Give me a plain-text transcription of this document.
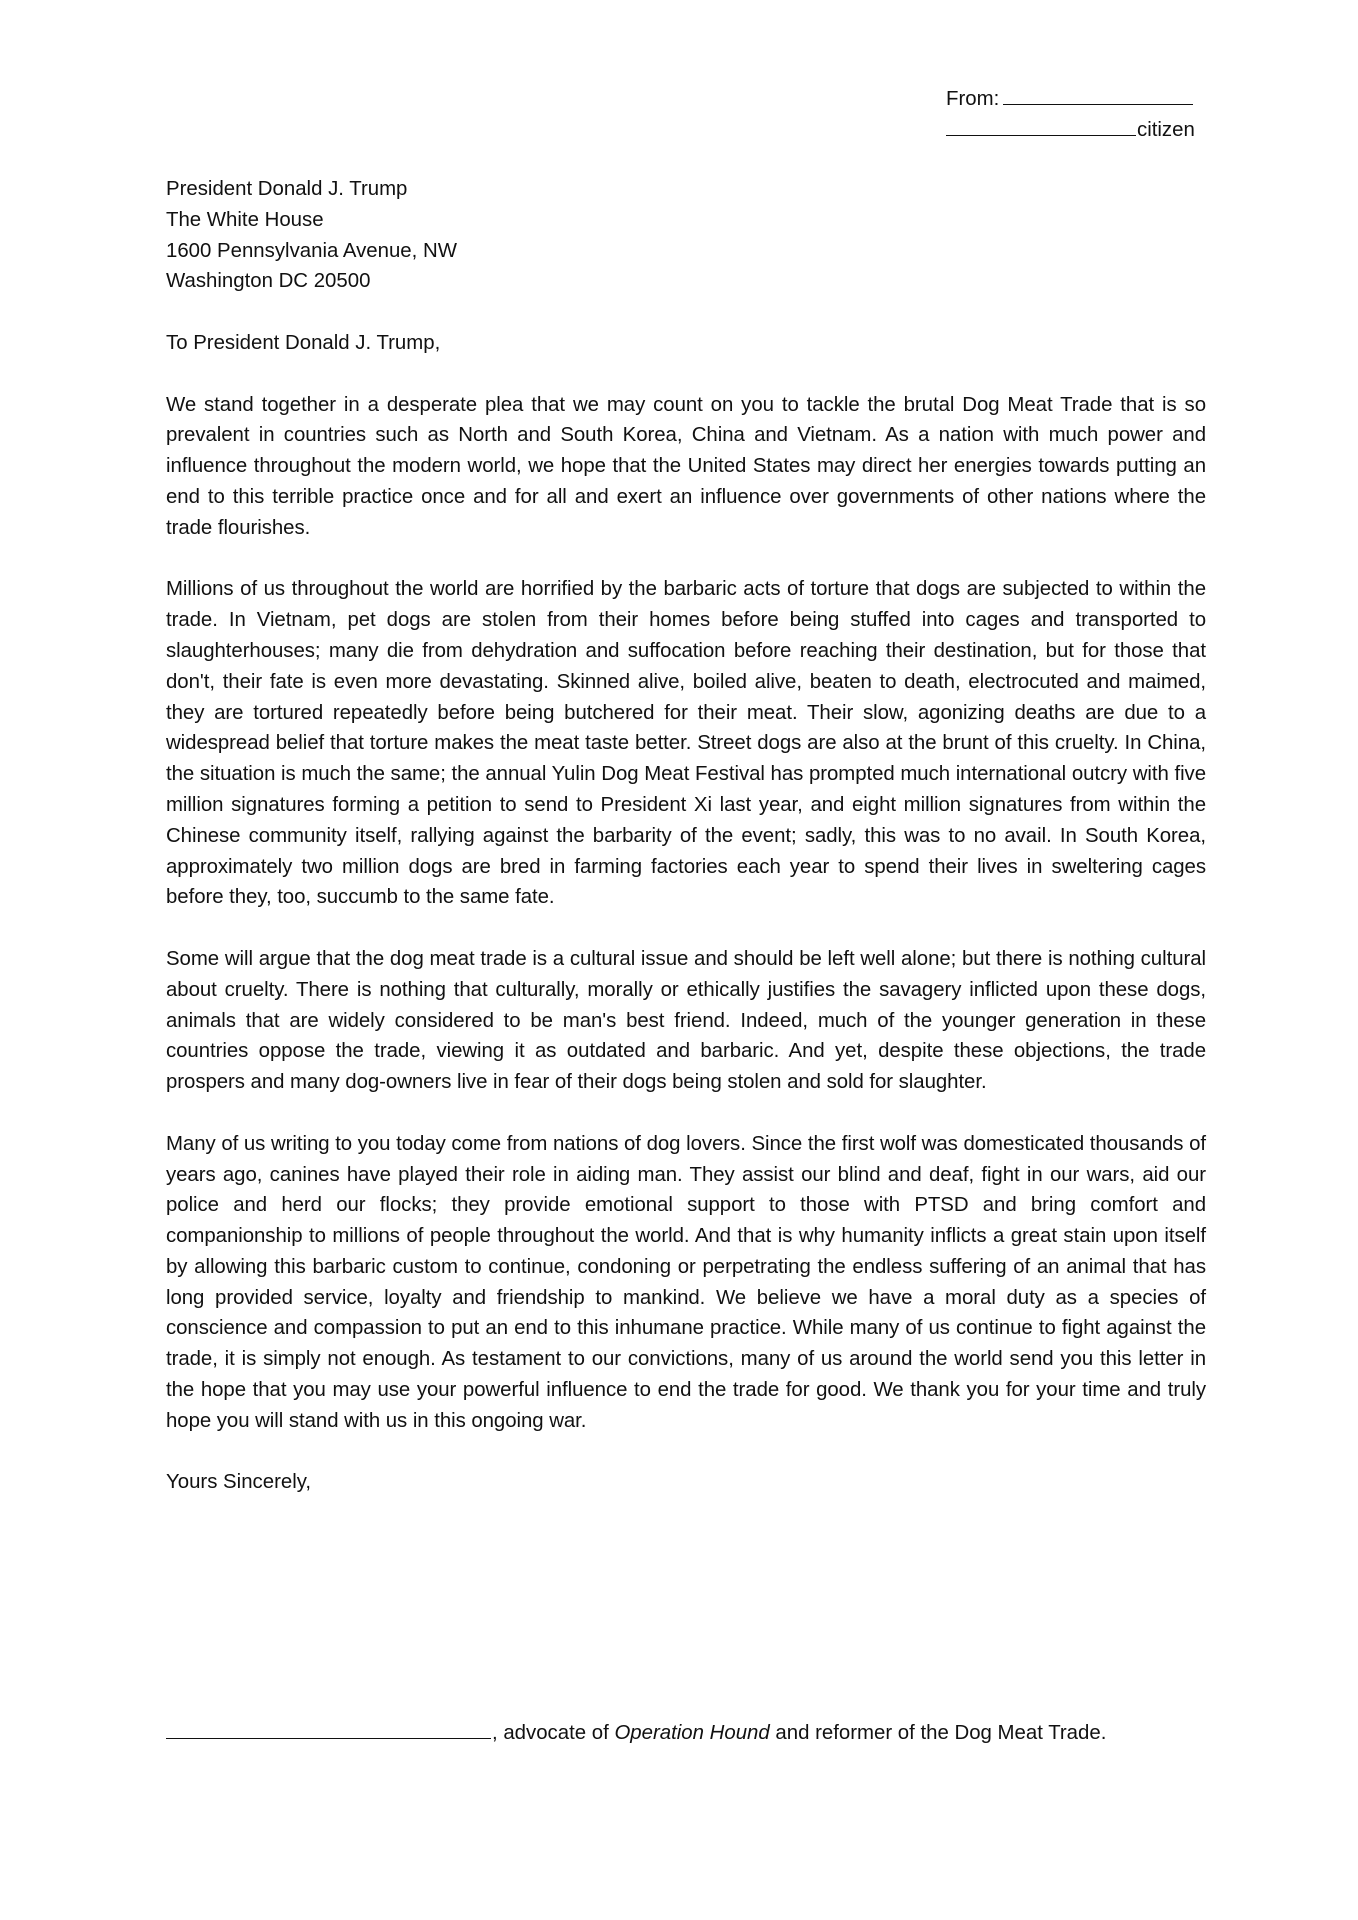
From:
citizen
President Donald J. Trump
The White House
1600 Pennsylvania Avenue, NW
Washington DC 20500
To President Donald J. Trump,

We stand together in a desperate plea that we may count on you to tackle the brutal Dog Meat Trade that is so prevalent in countries such as North and South Korea, China and Vietnam. As a nation with much power and influence throughout the modern world, we hope that the United States may direct her energies towards putting an end to this terrible practice once and for all and exert an influence over governments of other nations where the trade flourishes.

Millions of us throughout the world are horrified by the barbaric acts of torture that dogs are subjected to within the trade. In Vietnam, pet dogs are stolen from their homes before being stuffed into cages and transported to slaughterhouses; many die from dehydration and suffocation before reaching their destination, but for those that don't, their fate is even more devastating. Skinned alive, boiled alive, beaten to death, electrocuted and maimed, they are tortured repeatedly before being butchered for their meat. Their slow, agonizing deaths are due to a widespread belief that torture makes the meat taste better. Street dogs are also at the brunt of this cruelty. In China, the situation is much the same; the annual Yulin Dog Meat Festival has prompted much international outcry with five million signatures forming a petition to send to President Xi last year, and eight million signatures from within the Chinese community itself, rallying against the barbarity of the event; sadly, this was to no avail. In South Korea, approximately two million dogs are bred in farming factories each year to spend their lives in sweltering cages before they, too, succumb to the same fate.

Some will argue that the dog meat trade is a cultural issue and should be left well alone; but there is nothing cultural about cruelty. There is nothing that culturally, morally or ethically justifies the savagery inflicted upon these dogs, animals that are widely considered to be man's best friend. Indeed, much of the younger generation in these countries oppose the trade, viewing it as outdated and barbaric. And yet, despite these objections, the trade prospers and many dog-owners live in fear of their dogs being stolen and sold for slaughter.

Many of us writing to you today come from nations of dog lovers. Since the first wolf was domesticated thousands of years ago, canines have played their role in aiding man. They assist our blind and deaf, fight in our wars, aid our police and herd our flocks; they provide emotional support to those with PTSD and bring comfort and companionship to millions of people throughout the world. And that is why humanity inflicts a great stain upon itself by allowing this barbaric custom to continue, condoning or perpetrating the endless suffering of an animal that has long provided service, loyalty and friendship to mankind. We believe we have a moral duty as a species of conscience and compassion to put an end to this inhumane practice. While many of us continue to fight against the trade, it is simply not enough. As testament to our convictions, many of us around the world send you this letter in the hope that you may use your powerful influence to end the trade for good. We thank you for your time and truly hope you will stand with us in this ongoing war.

Yours Sincerely,
, advocate of Operation Hound and reformer of the Dog Meat Trade.
